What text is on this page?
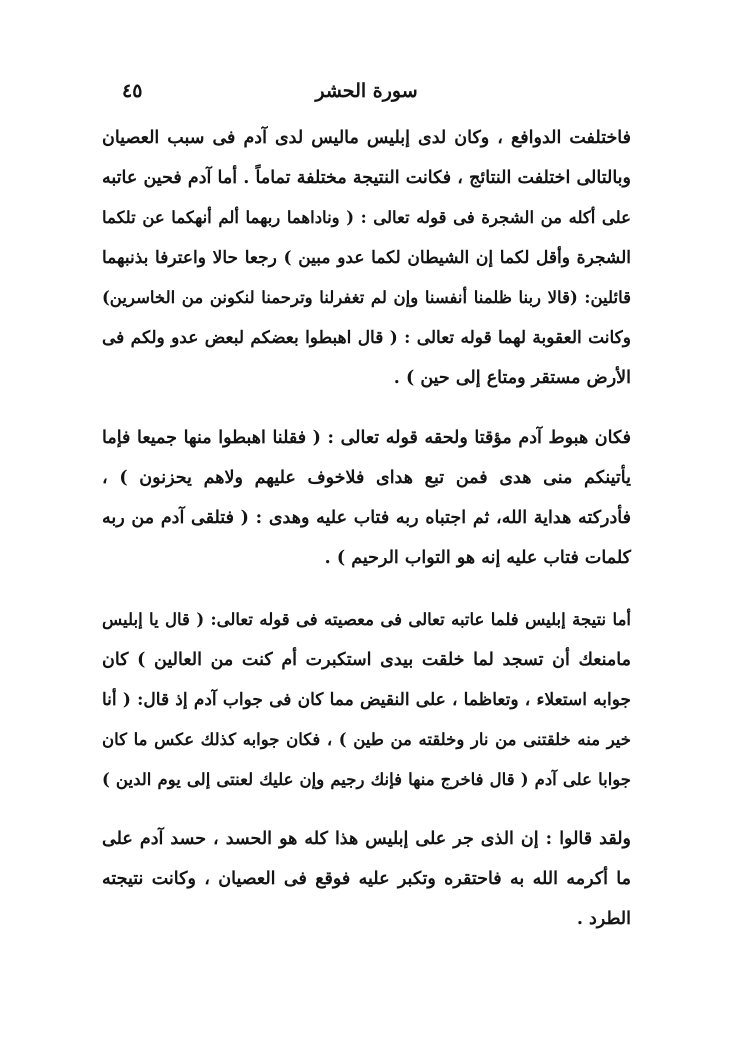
سورة الحشر
٤٥
فاختلفت الدوافع ، وكان لدى إبليس مالیس لدى آدم فى سبب العصيان
وبالتالى اختلفت النتائج ، فكانت النتيجة مختلفة تماماً . أما آدم فحين عاتبه
على أكله من الشجرة فى قوله تعالى : ( وناداهما ربهما ألم أنهكما عن تلكما
الشجرة وأقل لكما إن الشيطان لكما عدو مبين ) رجعا حالا واعترفا بذنبهما
قائلين: (قالا ربنا ظلمنا أنفسنا وإن لم تغفرلنا وترحمنا لنكونن من الخاسرين)
وكانت العقوبة لهما قوله تعالى : ( قال اهبطوا بعضكم لبعض عدو ولكم فى
الأرض مستقر ومتاع إلى حين ) .
فكان هبوط آدم مؤقتا ولحقه قوله تعالى : ( فقلنا اهبطوا منها جميعا فإما
يأتينكم منى هدى فمن تبع هداى فلاخوف عليهم ولاهم يحزنون ) ،
فأدركته هداية الله، ثم اجتباه ربه فتاب عليه وهدى : ( فتلقى آدم من ربه
كلمات فتاب عليه إنه هو التواب الرحيم ) .
أما نتيجة إبليس فلما عاتبه تعالى فى معصيته فى قوله تعالى: ( قال يا إبليس
مامنعك أن تسجد لما خلقت بيدى استكبرت أم كنت من العالين ) كان
جوابه استعلاء ، وتعاظما ، على النقيض مما كان فى جواب آدم إذ قال: ( أنا
خير منه خلقتنى من نار وخلقته من طين ) ، فكان جوابه كذلك عكس ما كان
جوابا على آدم ( قال فاخرج منها فإنك رجيم وإن عليك لعنتى إلى يوم الدين )
ولقد قالوا : إن الذى جر على إبليس هذا كله هو الحسد ، حسد آدم على
ما أكرمه الله به فاحتقره وتكبر عليه فوقع فى العصيان ، وكانت نتيجته
الطرد .
